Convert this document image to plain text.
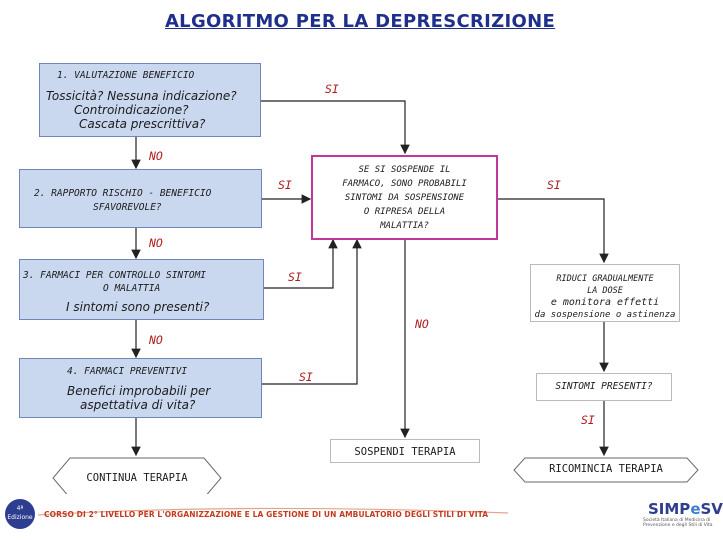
ALGORITMO PER LA DEPRESCRIZIONE
1. VALUTAZIONE BENEFICIO
Tossicità? Nessuna indicazione?
Controindicazione?
Cascata prescrittiva?
2. RAPPORTO RISCHIO - BENEFICIO
SFAVOREVOLE?
3. FARMACI PER CONTROLLO SINTOMI
O MALATTIA
I sintomi sono presenti?
4. FARMACI PREVENTIVI
Benefici improbabili per
aspettativa di vita?
SE SI SOSPENDE IL
FARMACO, SONO PROBABILI
SINTOMI DA SOSPENSIONE
O RIPRESA DELLA
MALATTIA?
RIDUCI GRADUALMENTE
LA DOSE
e monitora effetti
da sospensione o astinenza
SINTOMI PRESENTI?
SOSPENDI TERAPIA
CONTINUA TERAPIA
RICOMINCIA TERAPIA
SI
NO
SI	SI
NO
SI
NO
NO
SI
SI
4ª Edizione	CORSO DI 2° LIVELLO PER L'ORGANIZZAZIONE E LA GESTIONE DI UN AMBULATORIO DEGLI STILI DI VITA	SIMPeSV
Società Italiana di Medicina di Prevenzione e degli Stili di Vita
